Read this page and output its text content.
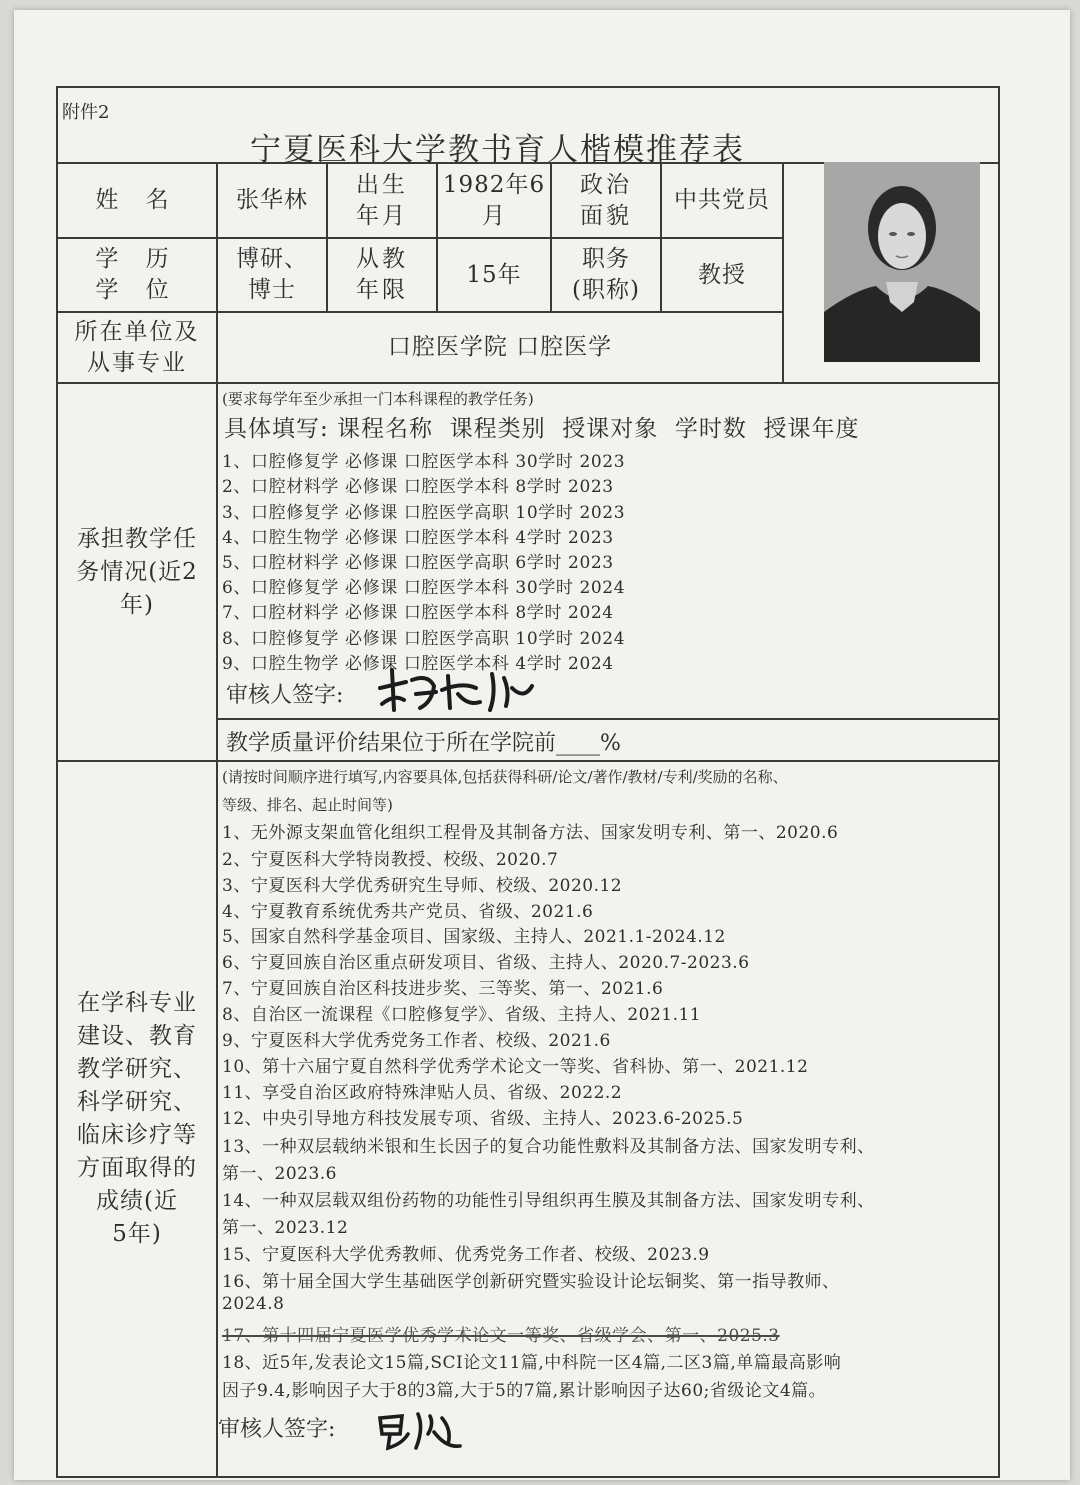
附件2
宁夏医科大学教书育人楷模推荐表
姓 名	张华林
出生
年月
1982年6
月
政治
面貌
中共党员
学 历
学 位
博研、
博士
从教
年限
15年
职务
(职称)
教授
所在单位及
从事专业
口腔医学院 口腔医学
承担教学任
务情况(近2
年)
(要求每学年至少承担一门本科课程的教学任务)
具体填写: 课程名称  课程类别  授课对象  学时数  授课年度
1、口腔修复学 必修课 口腔医学本科 30学时 2023
2、口腔材料学 必修课 口腔医学本科 8学时 2023
3、口腔修复学 必修课 口腔医学高职 10学时 2023
4、口腔生物学 必修课 口腔医学本科 4学时 2023
5、口腔材料学 必修课 口腔医学高职 6学时 2023
6、口腔修复学 必修课 口腔医学本科 30学时 2024
7、口腔材料学 必修课 口腔医学本科 8学时 2024
8、口腔修复学 必修课 口腔医学高职 10学时 2024
9、口腔生物学 必修课 口腔医学本科 4学时 2024
审核人签字:
教学质量评价结果位于所在学院前____%
在学科专业
建设、教育
教学研究、
科学研究、
临床诊疗等
方面取得的
成绩(近
5年)
(请按时间顺序进行填写,内容要具体,包括获得科研/论文/著作/教材/专利/奖励的名称、
等级、排名、起止时间等)
1、无外源支架血管化组织工程骨及其制备方法、国家发明专利、第一、2020.6
2、宁夏医科大学特岗教授、校级、2020.7
3、宁夏医科大学优秀研究生导师、校级、2020.12
4、宁夏教育系统优秀共产党员、省级、2021.6
5、国家自然科学基金项目、国家级、主持人、2021.1-2024.12
6、宁夏回族自治区重点研发项目、省级、主持人、2020.7-2023.6
7、宁夏回族自治区科技进步奖、三等奖、第一、2021.6
8、自治区一流课程《口腔修复学》、省级、主持人、2021.11
9、宁夏医科大学优秀党务工作者、校级、2021.6
10、第十六届宁夏自然科学优秀学术论文一等奖、省科协、第一、2021.12
11、享受自治区政府特殊津贴人员、省级、2022.2
12、中央引导地方科技发展专项、省级、主持人、2023.6-2025.5
13、一种双层载纳米银和生长因子的复合功能性敷料及其制备方法、国家发明专利、
第一、2023.6
14、一种双层载双组份药物的功能性引导组织再生膜及其制备方法、国家发明专利、
第一、2023.12
15、宁夏医科大学优秀教师、优秀党务工作者、校级、2023.9
16、第十届全国大学生基础医学创新研究暨实验设计论坛铜奖、第一指导教师、
2024.8
17、第十四届宁夏医学优秀学术论文一等奖、省级学会、第一、2025.3
18、近5年,发表论文15篇,SCI论文11篇,中科院一区4篇,二区3篇,单篇最高影响
因子9.4,影响因子大于8的3篇,大于5的7篇,累计影响因子达60;省级论文4篇。
审核人签字:
